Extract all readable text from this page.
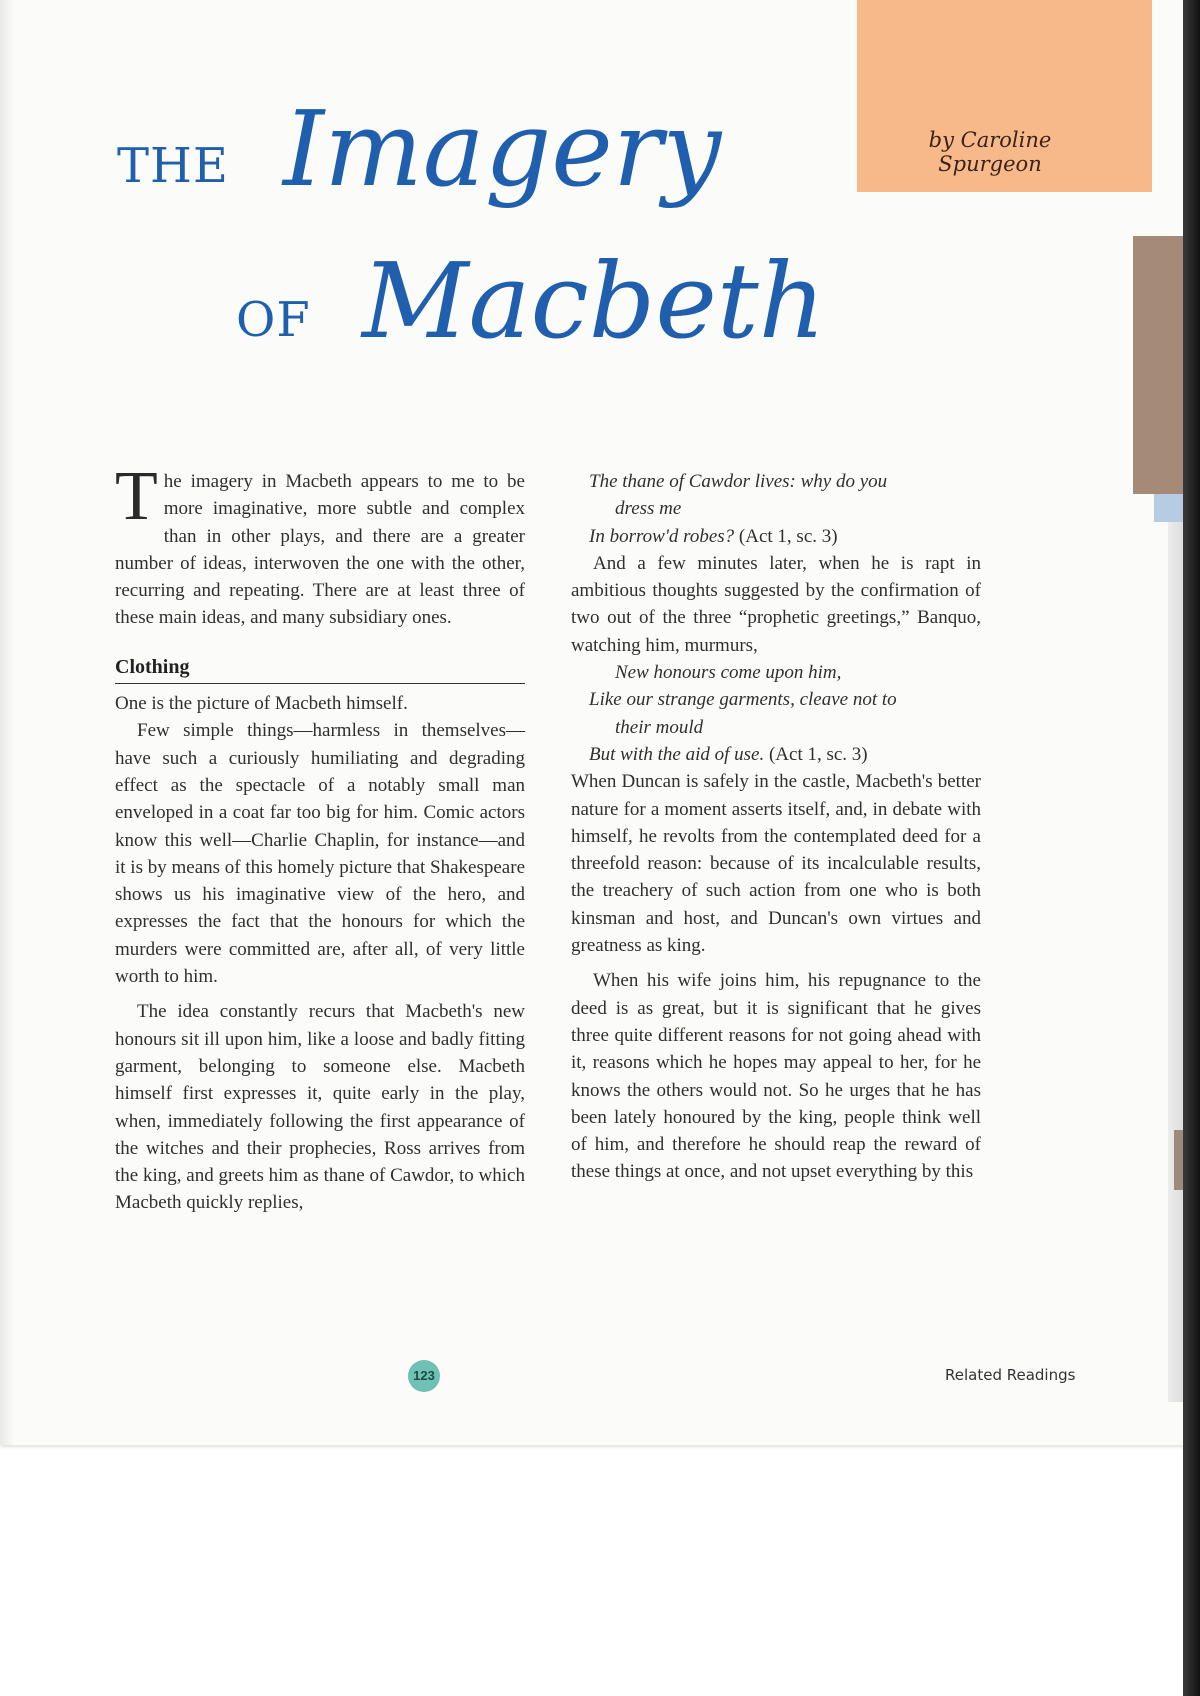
by Caroline Spurgeon
THE Imagery
OF Macbeth

The imagery in Macbeth appears to me to be more imaginative, more subtle and complex than in other plays, and there are a greater number of ideas, interwoven the one with the other, recurring and repeating. There are at least three of these main ideas, and many subsidiary ones.

Clothing

One is the picture of Macbeth himself.

Few simple things—harmless in themselves—have such a curiously humiliating and degrading effect as the spectacle of a notably small man enveloped in a coat far too big for him. Comic actors know this well—Charlie Chaplin, for instance—and it is by means of this homely picture that Shakespeare shows us his imaginative view of the hero, and expresses the fact that the honours for which the murders were committed are, after all, of very little worth to him.

The idea constantly recurs that Macbeth's new honours sit ill upon him, like a loose and badly fitting garment, belonging to someone else. Macbeth himself first expresses it, quite early in the play, when, immediately following the first appearance of the witches and their prophecies, Ross arrives from the king, and greets him as thane of Cawdor, to which Macbeth quickly replies,

The thane of Cawdor lives: why do you

dress me

In borrow'd robes? (Act 1, sc. 3)

And a few minutes later, when he is rapt in ambitious thoughts suggested by the confirmation of two out of the three “prophetic greetings,” Banquo, watching him, murmurs,

New honours come upon him,

Like our strange garments, cleave not to

their mould

But with the aid of use. (Act 1, sc. 3)

When Duncan is safely in the castle, Macbeth's better nature for a moment asserts itself, and, in debate with himself, he revolts from the contemplated deed for a threefold reason: because of its incalculable results, the treachery of such action from one who is both kinsman and host, and Duncan's own virtues and greatness as king.

When his wife joins him, his repugnance to the deed is as great, but it is significant that he gives three quite different reasons for not going ahead with it, reasons which he hopes may appeal to her, for he knows the others would not. So he urges that he has been lately honoured by the king, people think well of him, and therefore he should reap the reward of these things at once, and not upset everything by this

123	Related Readings
